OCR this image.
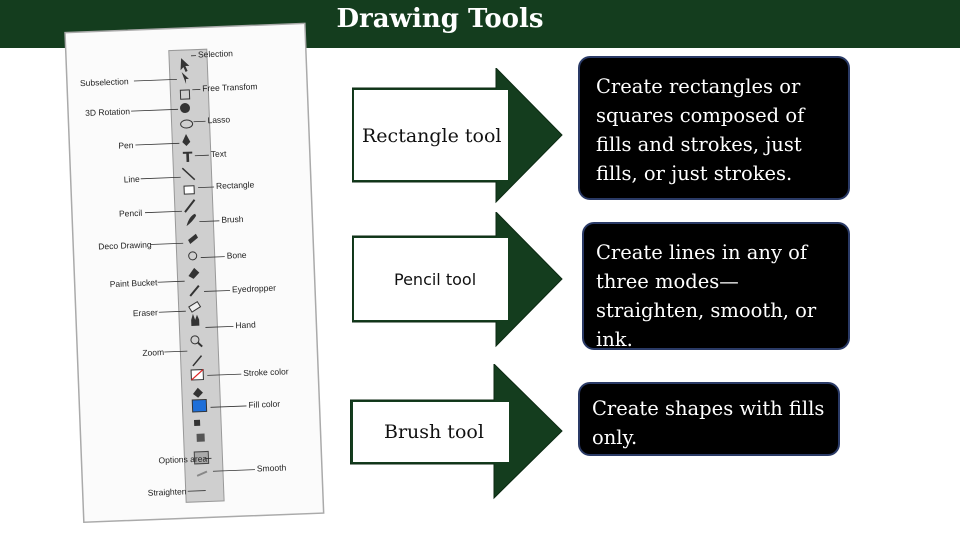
Drawing Tools
T
Subselection
3D Rotation
Pen
Line
Pencil
Deco Drawing
Paint Bucket
Eraser
Zoom
Options area
Straighten
Selection
Free Transfom
Lasso
Text
Rectangle
Brush
Bone
Eyedropper
Hand
Stroke color
Fill color
Smooth
Rectangle tool
Pencil tool
Brush tool
Create rectangles or squares composed of fills and strokes, just fills, or just strokes.
Create lines in any of three modes—straighten, smooth, or ink.
Create shapes with fills only.
